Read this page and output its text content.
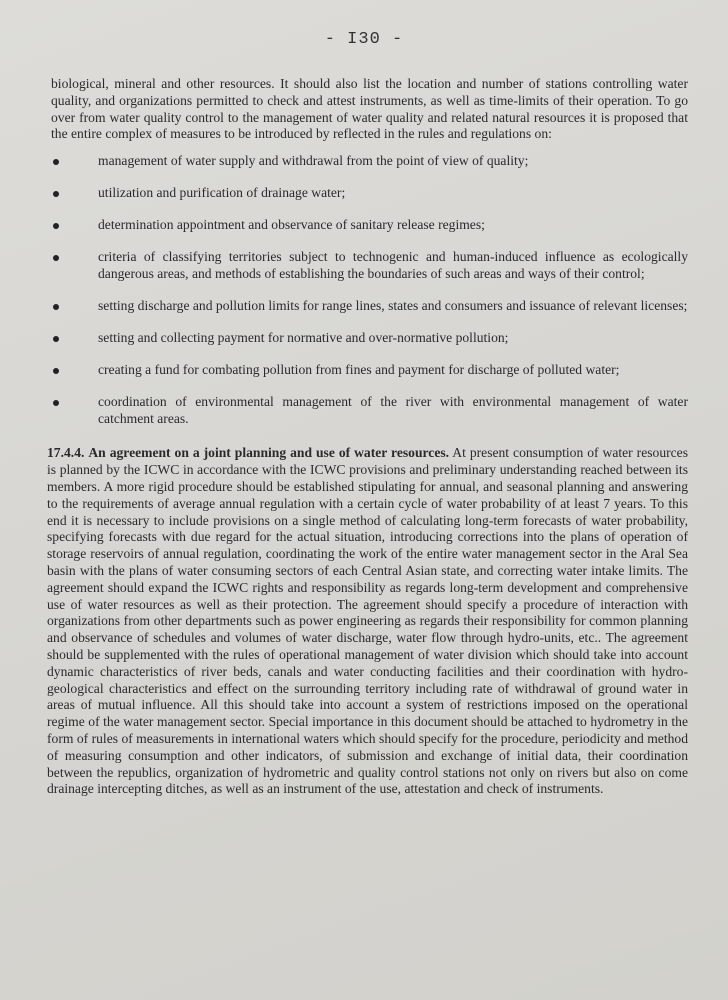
- I30 -

biological, mineral and other resources. It should also list the location and number of stations controlling water quality, and organizations permitted to check and attest instruments, as well as time-limits of their operation. To go over from water quality control to the management of water quality and related natural resources it is proposed that the entire complex of measures to be introduced by reflected in the rules and regulations on:

management of water supply and withdrawal from the point of view of quality;
utilization and purification of drainage water;
determination appointment and observance of sanitary release regimes;
criteria of classifying territories subject to technogenic and human-induced influence as ecologically dangerous areas, and methods of establishing the boundaries of such areas and ways of their control;
setting discharge and pollution limits for range lines, states and consumers and issuance of relevant licenses;
setting and collecting payment for normative and over-normative pollution;
creating a fund for combating pollution from fines and payment for discharge of polluted water;
coordination of environmental management of the river with environmental management of water catchment areas.

17.4.4. An agreement on a joint planning and use of water resources. At present consumption of water resources is planned by the ICWC in accordance with the ICWC provisions and preliminary understanding reached between its members. A more rigid procedure should be established stipulating for annual, and seasonal planning and answering to the requirements of average annual regulation with a certain cycle of water probability of at least 7 years. To this end it is necessary to include provisions on a single method of calculating long-term forecasts of water probability, specifying forecasts with due regard for the actual situation, introducing corrections into the plans of operation of storage reservoirs of annual regulation, coordinating the work of the entire water management sector in the Aral Sea basin with the plans of water consuming sectors of each Central Asian state, and correcting water intake limits. The agreement should expand the ICWC rights and responsibility as regards long-term development and comprehensive use of water resources as well as their protection. The agreement should specify a procedure of interaction with organizations from other departments such as power engineering as regards their responsibility for common planning and observance of schedules and volumes of water discharge, water flow through hydro-units, etc.. The agreement should be supplemented with the rules of operational management of water division which should take into account dynamic characteristics of river beds, canals and water conducting facilities and their coordination with hydro-geological characteristics and effect on the surrounding territory including rate of withdrawal of ground water in areas of mutual influence. All this should take into account a system of restrictions imposed on the operational regime of the water management sector. Special importance in this document should be attached to hydrometry in the form of rules of measurements in international waters which should specify for the procedure, periodicity and method of measuring consumption and other indicators, of submission and exchange of initial data, their coordination between the republics, organization of hydrometric and quality control stations not only on rivers but also on come drainage intercepting ditches, as well as an instrument of the use, attestation and check of instruments.
